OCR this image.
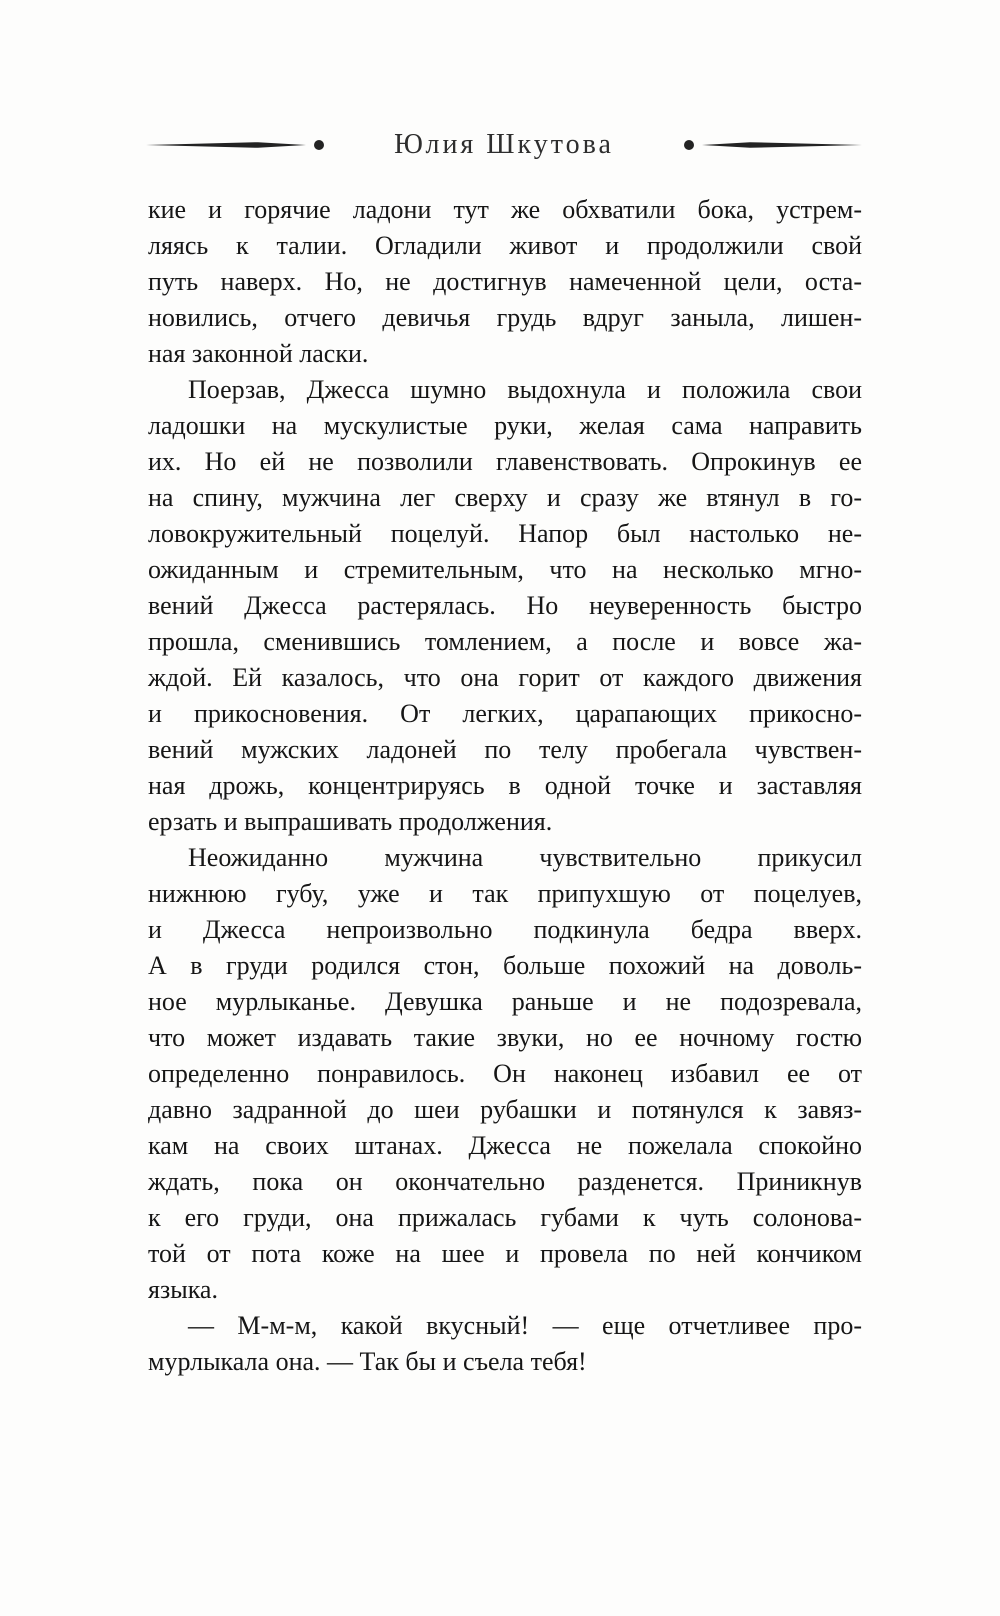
Юлия Шкутова
кие и горячие ладони тут же обхватили бока, устрем-
ляясь к талии. Огладили живот и продолжили свой
путь наверх. Но, не достигнув намеченной цели, оста-
новились, отчего девичья грудь вдруг заныла, лишен-
ная законной ласки.
Поерзав, Джесса шумно выдохнула и положила свои
ладошки на мускулистые руки, желая сама направить
их. Но ей не позволили главенствовать. Опрокинув ее
на спину, мужчина лег сверху и сразу же втянул в го-
ловокружительный поцелуй. Напор был настолько не-
ожиданным и стремительным, что на несколько мгно-
вений Джесса растерялась. Но неуверенность быстро
прошла, сменившись томлением, а после и вовсе жа-
ждой. Ей казалось, что она горит от каждого движения
и прикосновения. От легких, царапающих прикосно-
вений мужских ладоней по телу пробегала чувствен-
ная дрожь, концентрируясь в одной точке и заставляя
ерзать и выпрашивать продолжения.
Неожиданно мужчина чувствительно прикусил
нижнюю губу, уже и так припухшую от поцелуев,
и Джесса непроизвольно подкинула бедра вверх.
А в груди родился стон, больше похожий на доволь-
ное мурлыканье. Девушка раньше и не подозревала,
что может издавать такие звуки, но ее ночному гостю
определенно понравилось. Он наконец избавил ее от
давно задранной до шеи рубашки и потянулся к завяз-
кам на своих штанах. Джесса не пожелала спокойно
ждать, пока он окончательно разденется. Приникнув
к его груди, она прижалась губами к чуть солонова-
той от пота коже на шее и провела по ней кончиком
языка.
— М-м-м, какой вкусный! — еще отчетливее про-
мурлыкала она. — Так бы и съела тебя!
